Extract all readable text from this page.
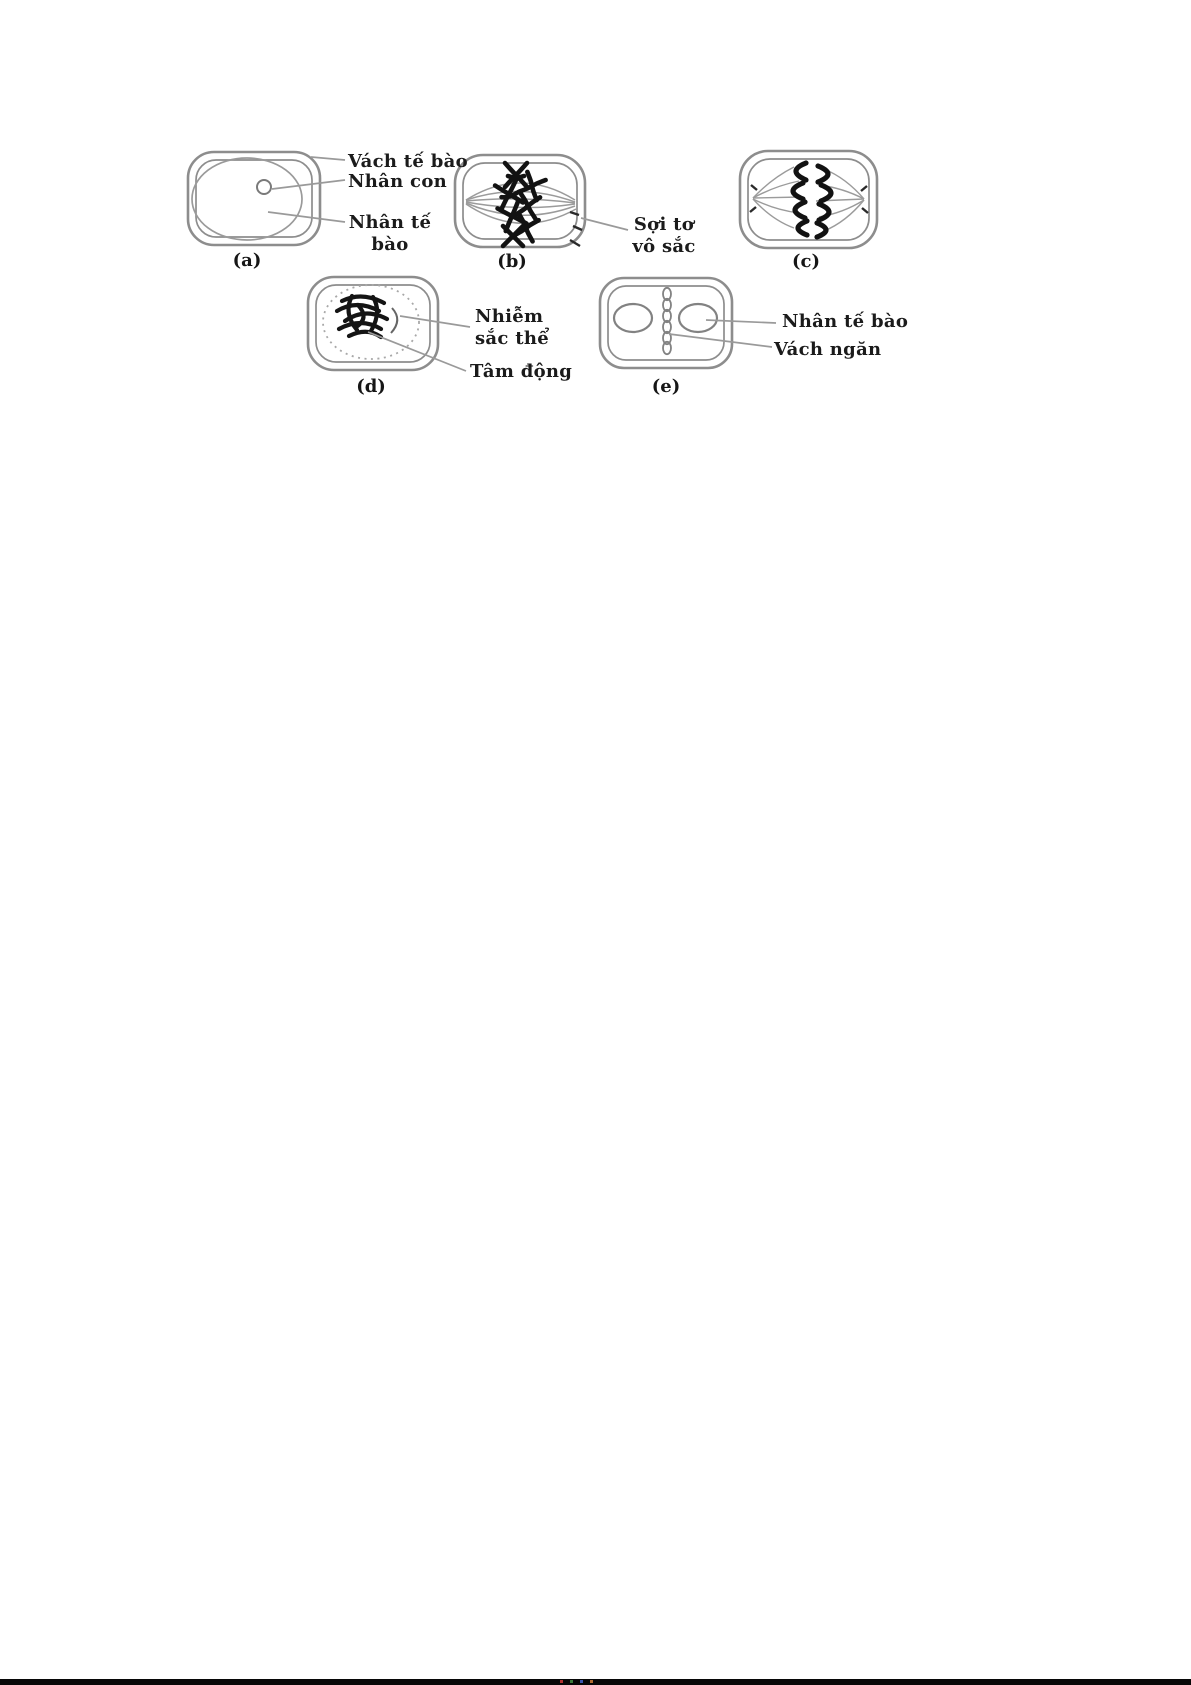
Vách tế bào
Nhân con
Nhân tế
bào
Sợi tơ
vô sắc
Nhiễm
sắc thể
Tâm động
Nhân tế bào
Vách ngăn
(a)	(b)	(c)
(d)	(e)
